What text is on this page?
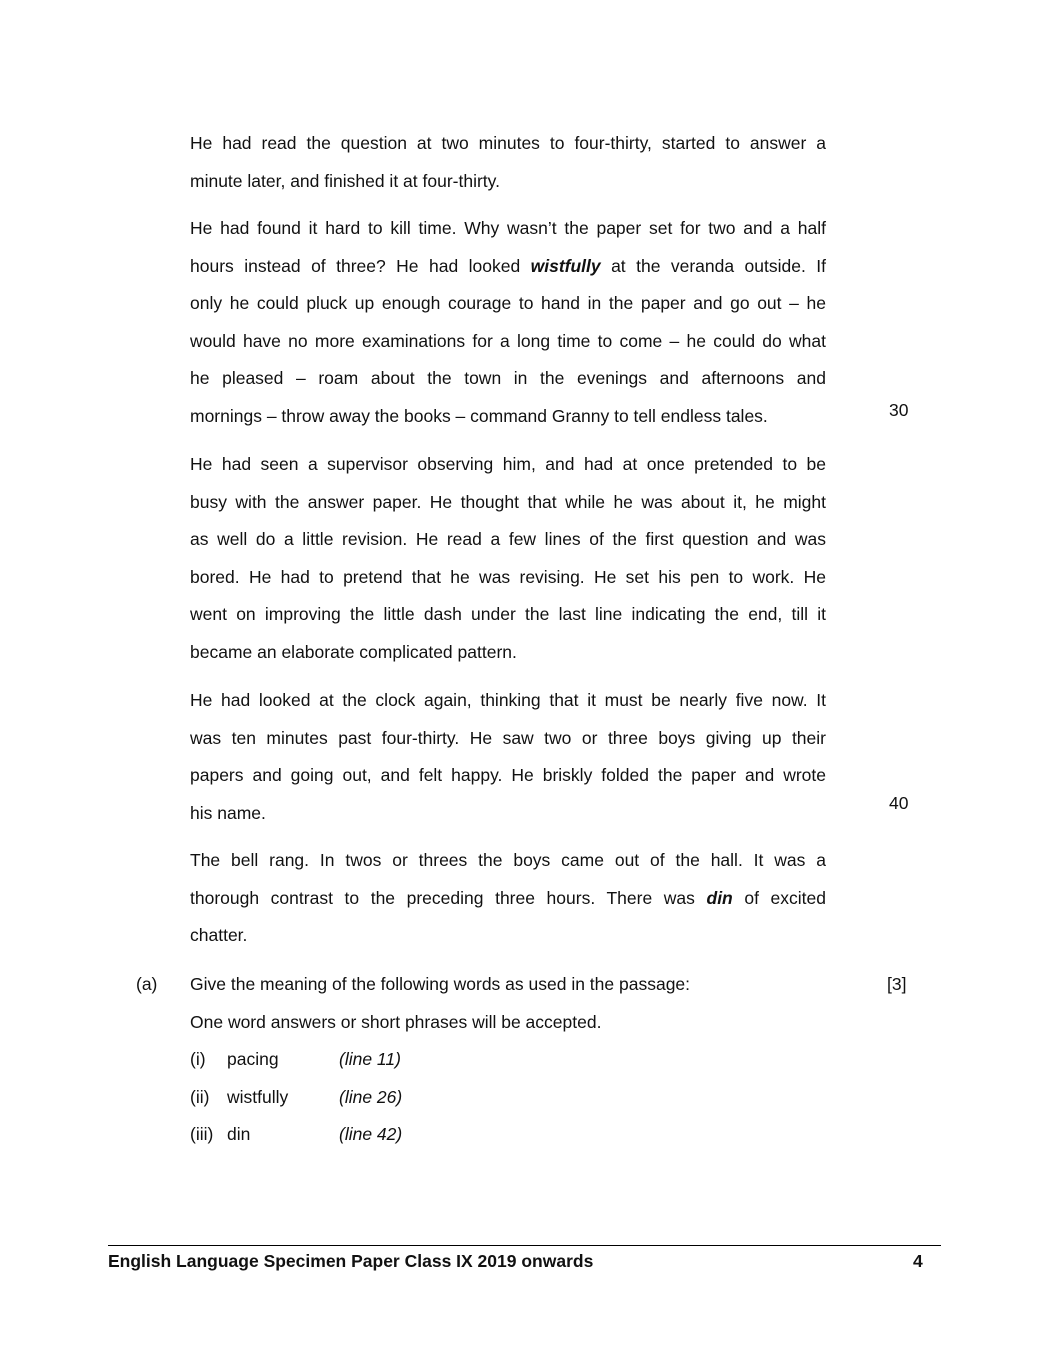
He had read the question at two minutes to four-thirty, started to answer a
minute later, and finished it at four-thirty.
He had found it hard to kill time. Why wasn’t the paper set for two and a half
hours instead of three? He had looked wistfully at the veranda outside. If
only he could pluck up enough courage to hand in the paper and go out – he
would have no more examinations for a long time to come – he could do what
he pleased – roam about the town in the evenings and afternoons and
mornings – throw away the books – command Granny to tell endless tales.	30
He had seen a supervisor observing him, and had at once pretended to be
busy with the answer paper. He thought that while he was about it, he might
as well do a little revision. He read a few lines of the first question and was
bored. He had to pretend that he was revising. He set his pen to work. He
went on improving the little dash under the last line indicating the end, till it
became an elaborate complicated pattern.
He had looked at the clock again, thinking that it must be nearly five now. It
was ten minutes past four-thirty. He saw two or three boys giving up their
papers and going out, and felt happy. He briskly folded the paper and wrote
his name.	40
The bell rang. In twos or threes the boys came out of the hall. It was a
thorough contrast to the preceding three hours. There was din of excited
chatter.
(a) Give the meaning of the following words as used in the passage:	[3]
One word answers or short phrases will be accepted.
(i) pacing	(line 11)
(ii) wistfully	(line 26)
(iii) din	(line 42)
English Language Specimen Paper Class IX 2019 onwards	4
